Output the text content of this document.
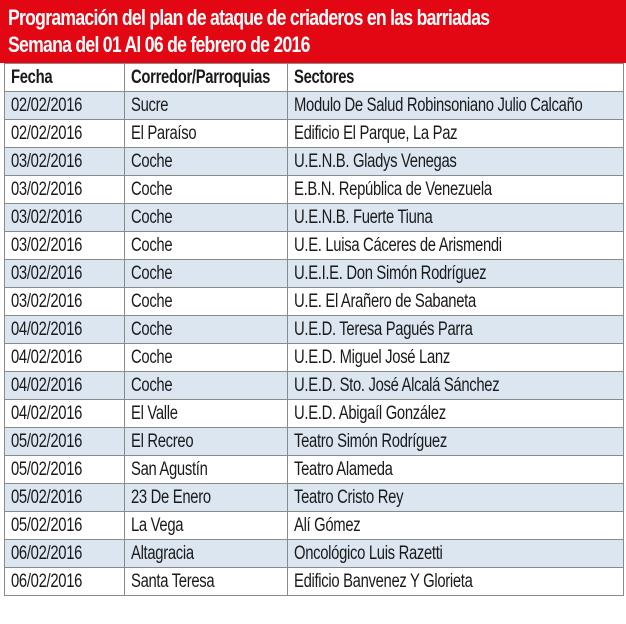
Programación del plan de ataque de criaderos en las barriadas
Semana del 01 Al 06 de febrero de 2016
Fecha	Corredor/Parroquias	Sectores
02/02/2016	Sucre	Modulo De Salud Robinsoniano Julio Calcaño
02/02/2016	El Paraíso	Edificio El Parque, La Paz
03/02/2016	Coche	U.E.N.B. Gladys Venegas
03/02/2016	Coche	E.B.N. República de Venezuela
03/02/2016	Coche	U.E.N.B. Fuerte Tiuna
03/02/2016	Coche	U.E. Luisa Cáceres de Arismendi
03/02/2016	Coche	U.E.I.E. Don Simón Rodríguez
03/02/2016	Coche	U.E. El Arañero de Sabaneta
04/02/2016	Coche	U.E.D. Teresa Pagués Parra
04/02/2016	Coche	U.E.D. Miguel José Lanz
04/02/2016	Coche	U.E.D. Sto. José Alcalá Sánchez
04/02/2016	El Valle	U.E.D. Abigaíl González
05/02/2016	El Recreo	Teatro Simón Rodríguez
05/02/2016	San Agustín	Teatro Alameda
05/02/2016	23 De Enero	Teatro Cristo Rey
05/02/2016	La Vega	Alí Gómez
06/02/2016	Altagracia	Oncológico Luis Razetti
06/02/2016	Santa Teresa	Edificio Banvenez Y Glorieta
